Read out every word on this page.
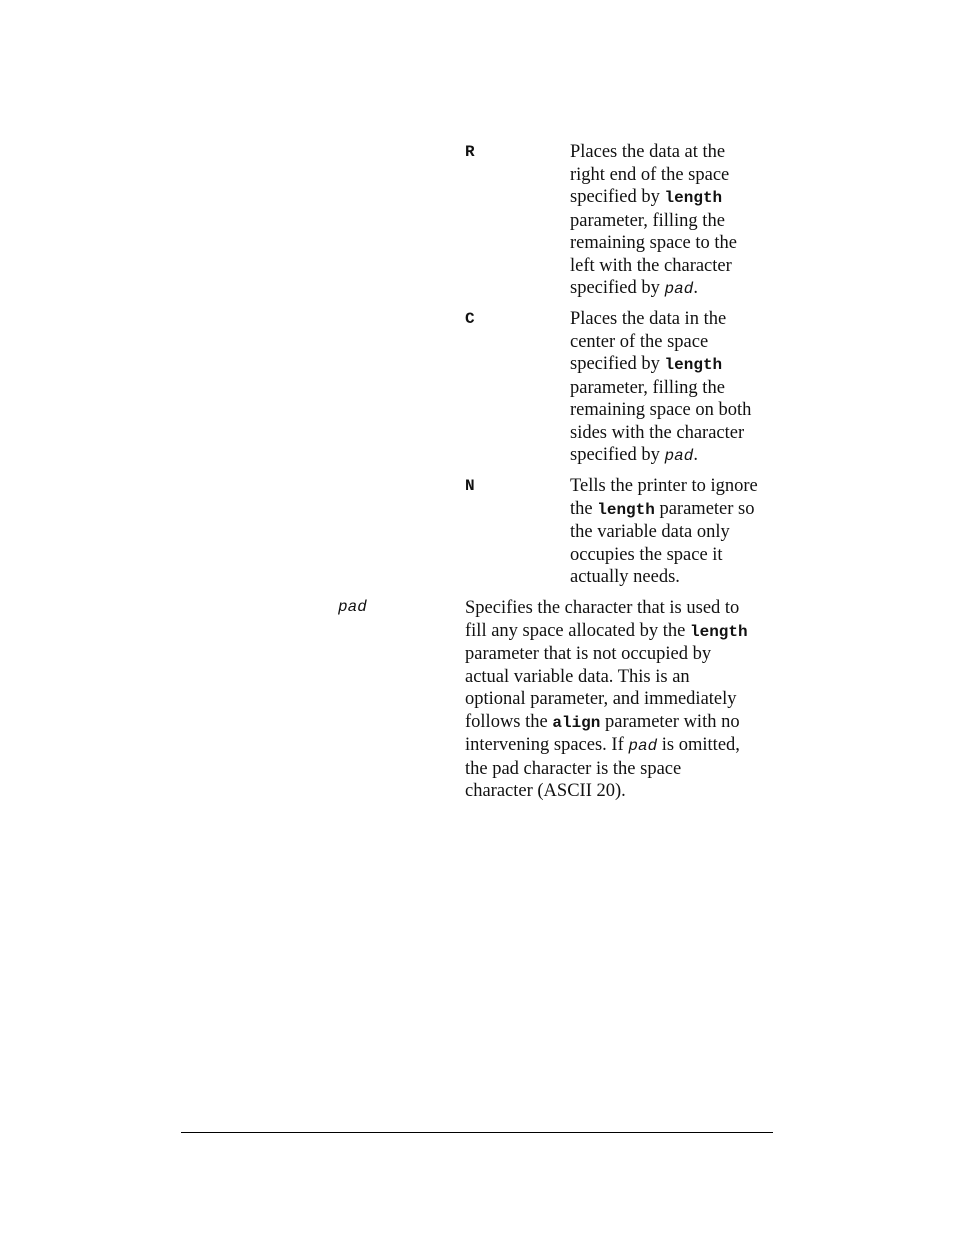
R	Places the data at the

right end of the space

specified by length

parameter, filling the

remaining space to the

left with the character

specified by pad.

C	Places the data in the

center of the space

specified by length

parameter, filling the

remaining space on both

sides with the character

specified by pad.

N	Tells the printer to ignore

the length parameter so

the variable data only

occupies the space it

actually needs.

pad	Specifies the character that is used to

fill any space allocated by the length

parameter that is not occupied by

actual variable data. This is an

optional parameter, and immediately

follows the align parameter with no

intervening spaces. If pad is omitted,

the pad character is the space

character (ASCII 20).
